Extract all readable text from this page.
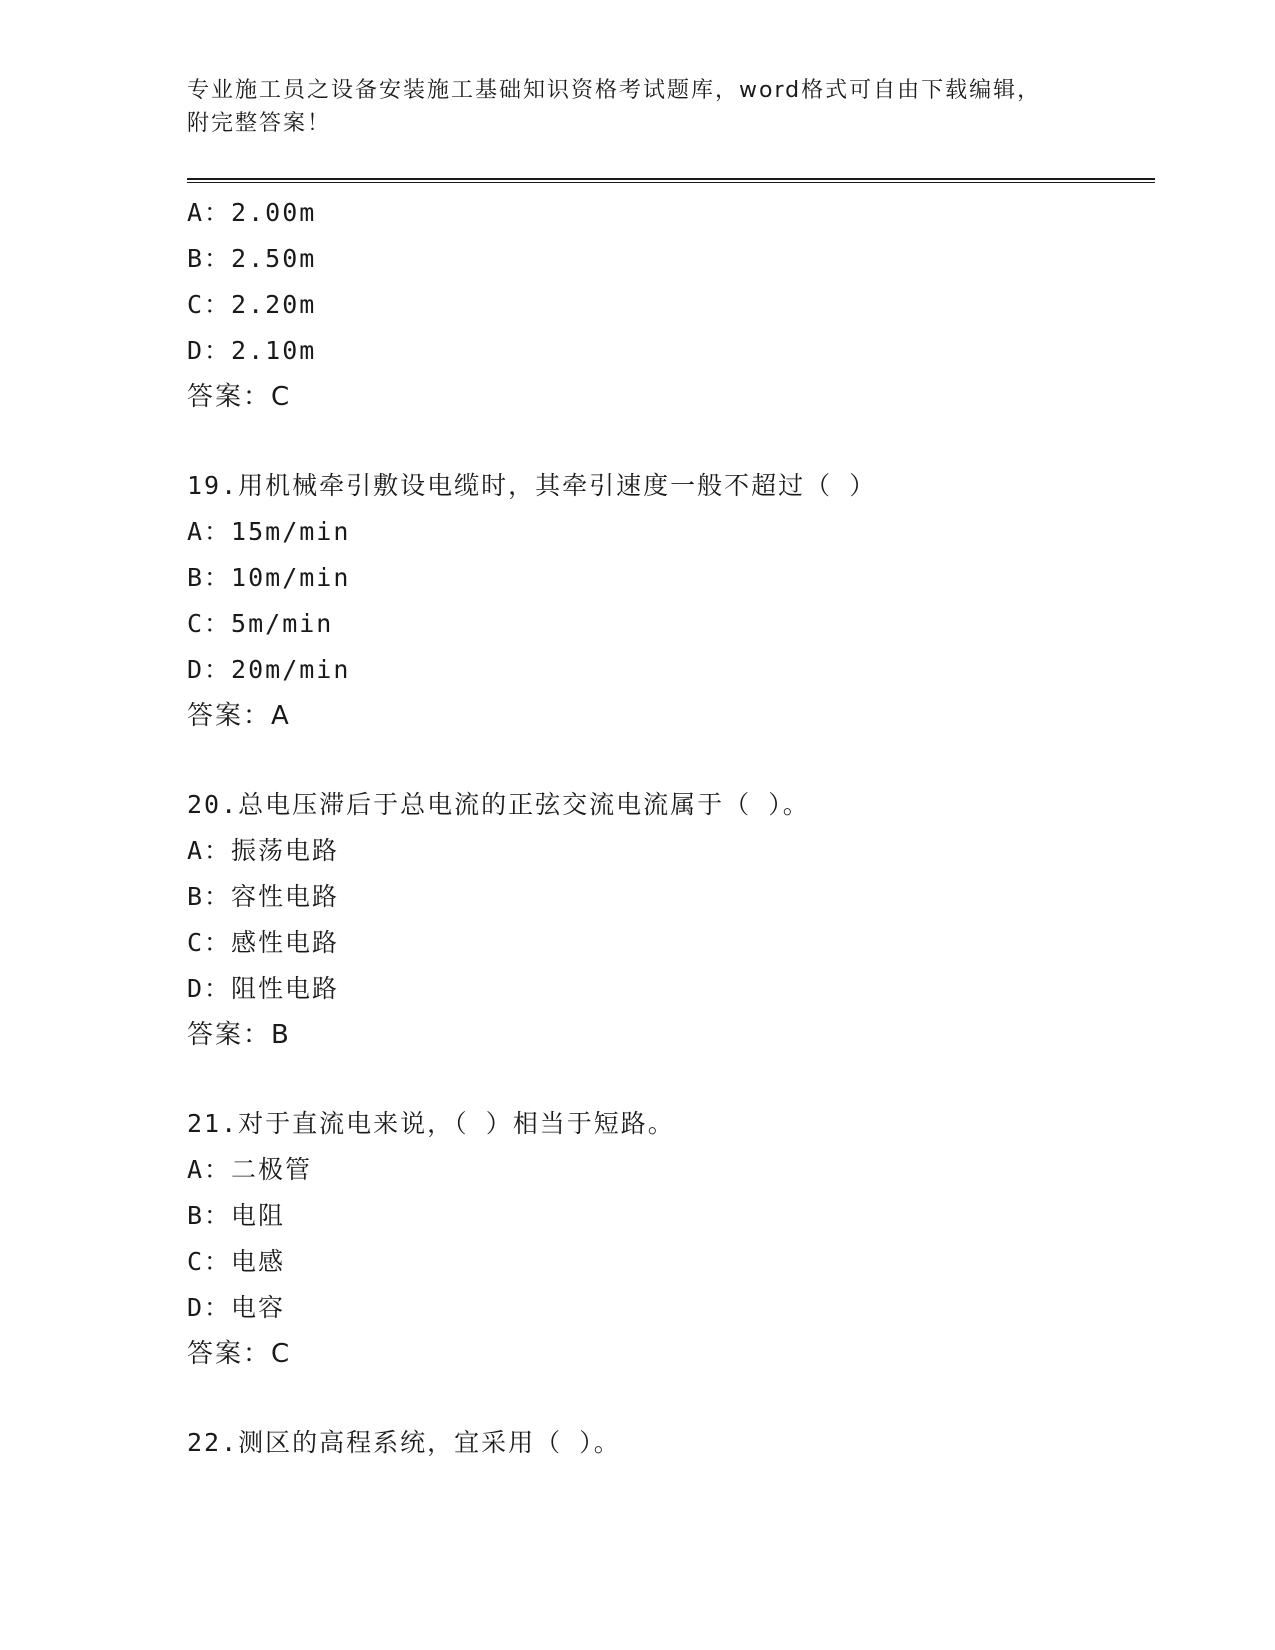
专业施工员之设备安装施工基础知识资格考试题库，word格式可自由下载编辑，
附完整答案！
A：2.00m
B：2.50m
C：2.20m
D：2.10m
答案：C
19.用机械牵引敷设电缆时，其牵引速度一般不超过（ ）
A：15m/min
B：10m/min
C：5m/min
D：20m/min
答案：A
20.总电压滞后于总电流的正弦交流电流属于（ ）。
A：振荡电路
B：容性电路
C：感性电路
D：阻性电路
答案：B
21.对于直流电来说，（ ）相当于短路。
A：二极管
B：电阻
C：电感
D：电容
答案：C
22.测区的高程系统，宜采用（ ）。
